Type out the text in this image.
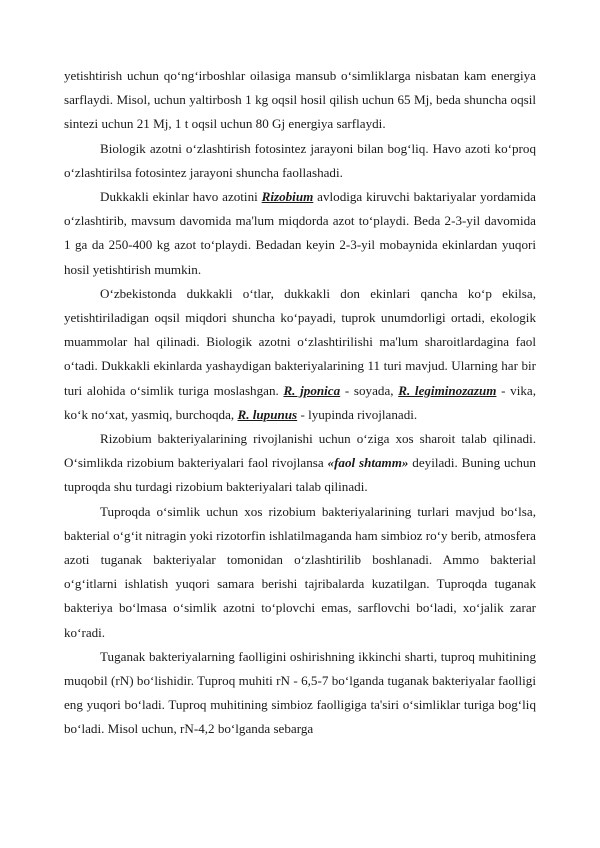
yetishtirish uchun qo‘ng‘irboshlar oilasiga mansub o‘simliklarga nisbatan kam energiya sarflaydi. Misol, uchun yaltirbosh 1 kg oqsil hosil qilish uchun 65 Mj, beda shuncha oqsil sintezi uchun 21 Mj, 1 t oqsil uchun 80 Gj energiya sarflaydi.

Biologik azotni o‘zlashtirish fotosintez jarayoni bilan bog‘liq. Havo azoti ko‘proq o‘zlashtirilsa fotosintez jarayoni shuncha faollashadi.

Dukkakli ekinlar havo azotini Rizobium avlodiga kiruvchi baktariyalar yordamida o‘zlashtirib, mavsum davomida ma'lum miqdorda azot to‘playdi. Beda 2-3-yil davomida 1 ga da 250-400 kg azot to‘playdi. Bedadan keyin 2-3-yil mobaynida ekinlardan yuqori hosil yetishtirish mumkin.

O‘zbekistonda dukkakli o‘tlar, dukkakli don ekinlari qancha ko‘p ekilsa, yetishtiriladigan oqsil miqdori shuncha ko‘payadi, tuprok unumdorligi ortadi, ekologik muammolar hal qilinadi. Biologik azotni o‘zlashtirilishi ma'lum sharoitlardagina faol o‘tadi. Dukkakli ekinlarda yashaydigan bakteriyalarining 11 turi mavjud. Ularning har bir turi alohida o‘simlik turiga moslashgan. R. jponica - soyada, R. legiminozazum - vika, ko‘k no‘xat, yasmiq, burchoqda, R. lupunus - lyupinda rivojlanadi.

Rizobium bakteriyalarining rivojlanishi uchun o‘ziga xos sharoit talab qilinadi. O‘simlikda rizobium bakteriyalari faol rivojlansa «faol shtamm» deyiladi. Buning uchun tuproqda shu turdagi rizobium bakteriyalari talab qilinadi.

Tuproqda o‘simlik uchun xos rizobium bakteriyalarining turlari mavjud bo‘lsa, bakterial o‘g‘it nitragin yoki rizotorfin ishlatilmaganda ham simbioz ro‘y berib, atmosfera azoti tuganak bakteriyalar tomonidan o‘zlashtirilib boshlanadi. Ammo bakterial o‘g‘itlarni ishlatish yuqori samara berishi tajribalarda kuzatilgan. Tuproqda tuganak bakteriya bo‘lmasa o‘simlik azotni to‘plovchi emas, sarflovchi bo‘ladi, xo‘jalik zarar ko‘radi.

Tuganak bakteriyalarning faolligini oshirishning ikkinchi sharti, tuproq muhitining muqobil (rN) bo‘lishidir. Tuproq muhiti rN - 6,5-7 bo‘lganda tuganak bakteriyalar faolligi eng yuqori bo‘ladi. Tuproq muhitining simbioz faolligiga ta'siri o‘simliklar turiga bog‘liq bo‘ladi. Misol uchun, rN-4,2 bo‘lganda sebarga
